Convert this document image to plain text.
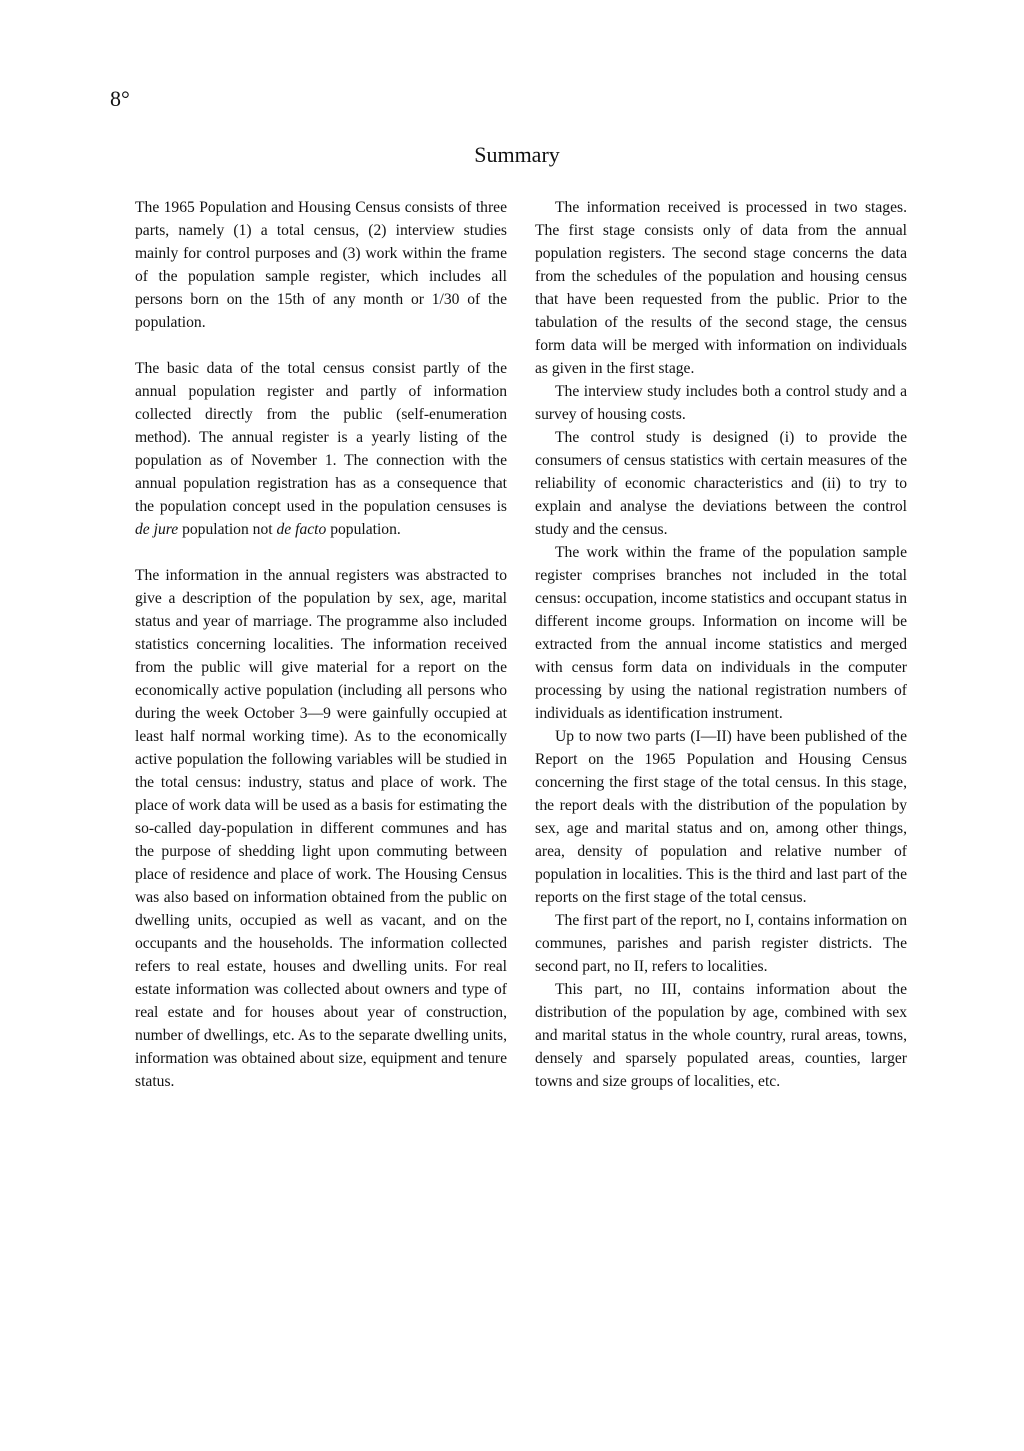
8°
Summary

The 1965 Population and Housing Census consists of three parts, namely (1) a total census, (2) interview studies mainly for control purposes and (3) work within the frame of the population sample register, which includes all persons born on the 15th of any month or 1/30 of the population.

The basic data of the total census consist partly of the annual population register and partly of information collected directly from the public (self-enumeration method). The annual register is a yearly listing of the population as of November 1. The connection with the annual population registration has as a consequence that the population concept used in the population censuses is de jure population not de facto population.

The information in the annual registers was abstracted to give a description of the population by sex, age, marital status and year of marriage. The programme also included statistics concerning localities. The information received from the public will give material for a report on the economically active population (including all persons who during the week October 3—9 were gainfully occupied at least half normal working time). As to the economically active population the following variables will be studied in the total census: industry, status and place of work. The place of work data will be used as a basis for estimating the so-called day-population in different communes and has the purpose of shedding light upon commuting between place of residence and place of work. The Housing Census was also based on information obtained from the public on dwelling units, occupied as well as vacant, and on the occupants and the households. The information collected refers to real estate, houses and dwelling units. For real estate information was collected about owners and type of real estate and for houses about year of construction, number of dwellings, etc. As to the separate dwelling units, information was obtained about size, equipment and tenure status.

The information received is processed in two stages. The first stage consists only of data from the annual population registers. The second stage concerns the data from the schedules of the population and housing census that have been requested from the public. Prior to the tabulation of the results of the second stage, the census form data will be merged with information on individuals as given in the first stage.

The interview study includes both a control study and a survey of housing costs.

The control study is designed (i) to provide the consumers of census statistics with certain measures of the reliability of economic characteristics and (ii) to try to explain and analyse the deviations between the control study and the census.

The work within the frame of the population sample register comprises branches not included in the total census: occupation, income statistics and occupant status in different income groups. Information on income will be extracted from the annual income statistics and merged with census form data on individuals in the computer processing by using the national registration numbers of individuals as identification instrument.

Up to now two parts (I—II) have been published of the Report on the 1965 Population and Housing Census concerning the first stage of the total census. In this stage, the report deals with the distribution of the population by sex, age and marital status and on, among other things, area, density of population and relative number of population in localities. This is the third and last part of the reports on the first stage of the total census.

The first part of the report, no I, contains information on communes, parishes and parish register districts. The second part, no II, refers to localities.

This part, no III, contains information about the distribution of the population by age, combined with sex and marital status in the whole country, rural areas, towns, densely and sparsely populated areas, counties, larger towns and size groups of localities, etc.
